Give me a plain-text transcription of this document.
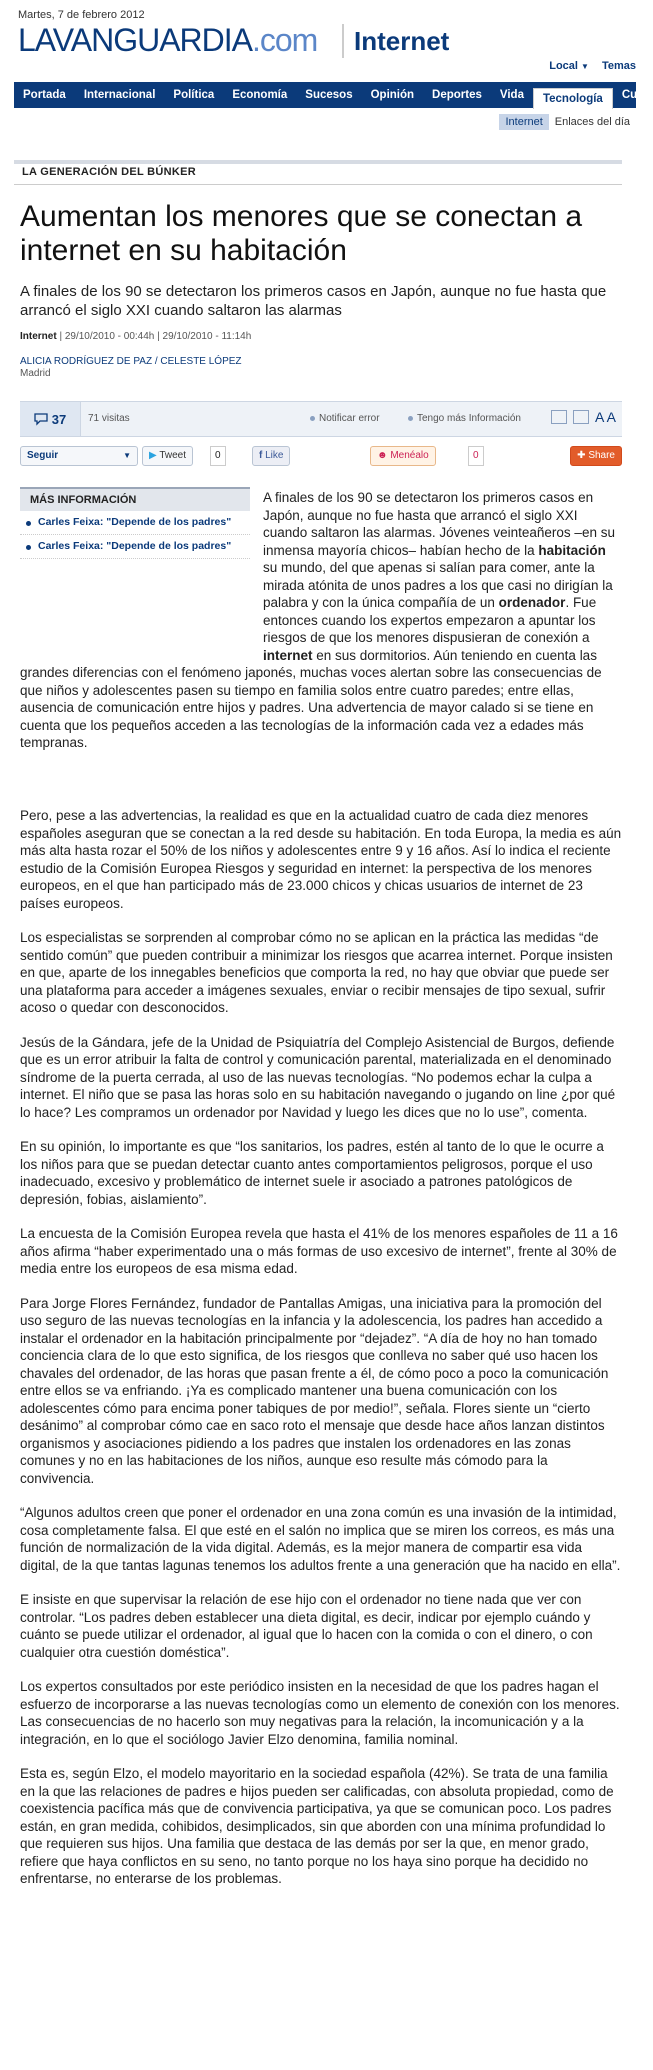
Martes, 7 de febrero 2012
LAVANGUARDIA.com	Internet
Local ▼ Temas
Portada	Internacional	Política	Economía	Sucesos	Opinión	Deportes	Vida	Tecnología	Cult
Internet	Enlaces del día
LA GENERACIÓN DEL BÚNKER
Aumentan los menores que se conectan a internet en su habitación
A finales de los 90 se detectaron los primeros casos en Japón, aunque no fue hasta que arrancó el siglo XXI cuando saltaron las alarmas
Internet | 29/10/2010 - 00:44h | 29/10/2010 - 11:14h
ALICIA RODRÍGUEZ DE PAZ / CELESTE LÓPEZ
Madrid
37 71 visitas	Notificar error	Tengo más Información	A A
Seguir	▼	▶ Tweet	0	f Like	☻ Menéalo	0	✚ Share
MÁS INFORMACIÓN
Carles Feixa: "Depende de los padres"
Carles Feixa: "Depende de los padres"

A finales de los 90 se detectaron los primeros casos en Japón, aunque no fue hasta que arrancó el siglo XXI cuando saltaron las alarmas. Jóvenes veinteañeros –en su inmensa mayoría chicos– habían hecho de la habitación su mundo, del que apenas si salían para comer, ante la mirada atónita de unos padres a los que casi no dirigían la palabra y con la única compañía de un ordenador. Fue entonces cuando los expertos empezaron a apuntar los riesgos de que los menores dispusieran de conexión a internet en sus dormitorios. Aún teniendo en cuenta las grandes diferencias con el fenómeno japonés, muchas voces alertan sobre las consecuencias de que niños y adolescentes pasen su tiempo en familia solos entre cuatro paredes; entre ellas, ausencia de comunicación entre hijos y padres. Una advertencia de mayor calado si se tiene en cuenta que los pequeños acceden a las tecnologías de la información cada vez a edades más tempranas.

Pero, pese a las advertencias, la realidad es que en la actualidad cuatro de cada diez menores españoles aseguran que se conectan a la red desde su habitación. En toda Europa, la media es aún más alta hasta rozar el 50% de los niños y adolescentes entre 9 y 16 años. Así lo indica el reciente estudio de la Comisión Europea Riesgos y seguridad en internet: la perspectiva de los menores europeos, en el que han participado más de 23.000 chicos y chicas usuarios de internet de 23 países europeos.

Los especialistas se sorprenden al comprobar cómo no se aplican en la práctica las medidas “de sentido común” que pueden contribuir a minimizar los riesgos que acarrea internet. Porque insisten en que, aparte de los innegables beneficios que comporta la red, no hay que obviar que puede ser una plataforma para acceder a imágenes sexuales, enviar o recibir mensajes de tipo sexual, sufrir acoso o quedar con desconocidos.

Jesús de la Gándara, jefe de la Unidad de Psiquiatría del Complejo Asistencial de Burgos, defiende que es un error atribuir la falta de control y comunicación parental, materializada en el denominado síndrome de la puerta cerrada, al uso de las nuevas tecnologías. “No podemos echar la culpa a internet. El niño que se pasa las horas solo en su habitación navegando o jugando on line ¿por qué lo hace? Les compramos un ordenador por Navidad y luego les dices que no lo use”, comenta.

En su opinión, lo importante es que “los sanitarios, los padres, estén al tanto de lo que le ocurre a los niños para que se puedan detectar cuanto antes comportamientos peligrosos, porque el uso inadecuado, excesivo y problemático de internet suele ir asociado a patrones patológicos de depresión, fobias, aislamiento”.

La encuesta de la Comisión Europea revela que hasta el 41% de los menores españoles de 11 a 16 años afirma “haber experimentado una o más formas de uso excesivo de internet”, frente al 30% de media entre los europeos de esa misma edad.

Para Jorge Flores Fernández, fundador de Pantallas Amigas, una iniciativa para la promoción del uso seguro de las nuevas tecnologías en la infancia y la adolescencia, los padres han accedido a instalar el ordenador en la habitación principalmente por “dejadez”. “A día de hoy no han tomado conciencia clara de lo que esto significa, de los riesgos que conlleva no saber qué uso hacen los chavales del ordenador, de las horas que pasan frente a él, de cómo poco a poco la comunicación entre ellos se va enfriando. ¡Ya es complicado mantener una buena comunicación con los adolescentes cómo para encima poner tabiques de por medio!”, señala. Flores siente un “cierto desánimo” al comprobar cómo cae en saco roto el mensaje que desde hace años lanzan distintos organismos y asociaciones pidiendo a los padres que instalen los ordenadores en las zonas comunes y no en las habitaciones de los niños, aunque eso resulte más cómodo para la convivencia.

“Algunos adultos creen que poner el ordenador en una zona común es una invasión de la intimidad, cosa completamente falsa. El que esté en el salón no implica que se miren los correos, es más una función de normalización de la vida digital. Además, es la mejor manera de compartir esa vida digital, de la que tantas lagunas tenemos los adultos frente a una generación que ha nacido en ella”.

E insiste en que supervisar la relación de ese hijo con el ordenador no tiene nada que ver con controlar. “Los padres deben establecer una dieta digital, es decir, indicar por ejemplo cuándo y cuánto se puede utilizar el ordenador, al igual que lo hacen con la comida o con el dinero, o con cualquier otra cuestión doméstica”.

Los expertos consultados por este periódico insisten en la necesidad de que los padres hagan el esfuerzo de incorporarse a las nuevas tecnologías como un elemento de conexión con los menores. Las consecuencias de no hacerlo son muy negativas para la relación, la incomunicación y a la integración, en lo que el sociólogo Javier Elzo denomina, familia nominal.

Esta es, según Elzo, el modelo mayoritario en la sociedad española (42%). Se trata de una familia en la que las relaciones de padres e hijos pueden ser calificadas, con absoluta propiedad, como de coexistencia pacífica más que de convivencia participativa, ya que se comunican poco. Los padres están, en gran medida, cohibidos, desimplicados, sin que aborden con una mínima profundidad lo que requieren sus hijos. Una familia que destaca de las demás por ser la que, en menor grado, refiere que haya conflictos en su seno, no tanto porque no los haya sino porque ha decidido no enfrentarse, no enterarse de los problemas.
